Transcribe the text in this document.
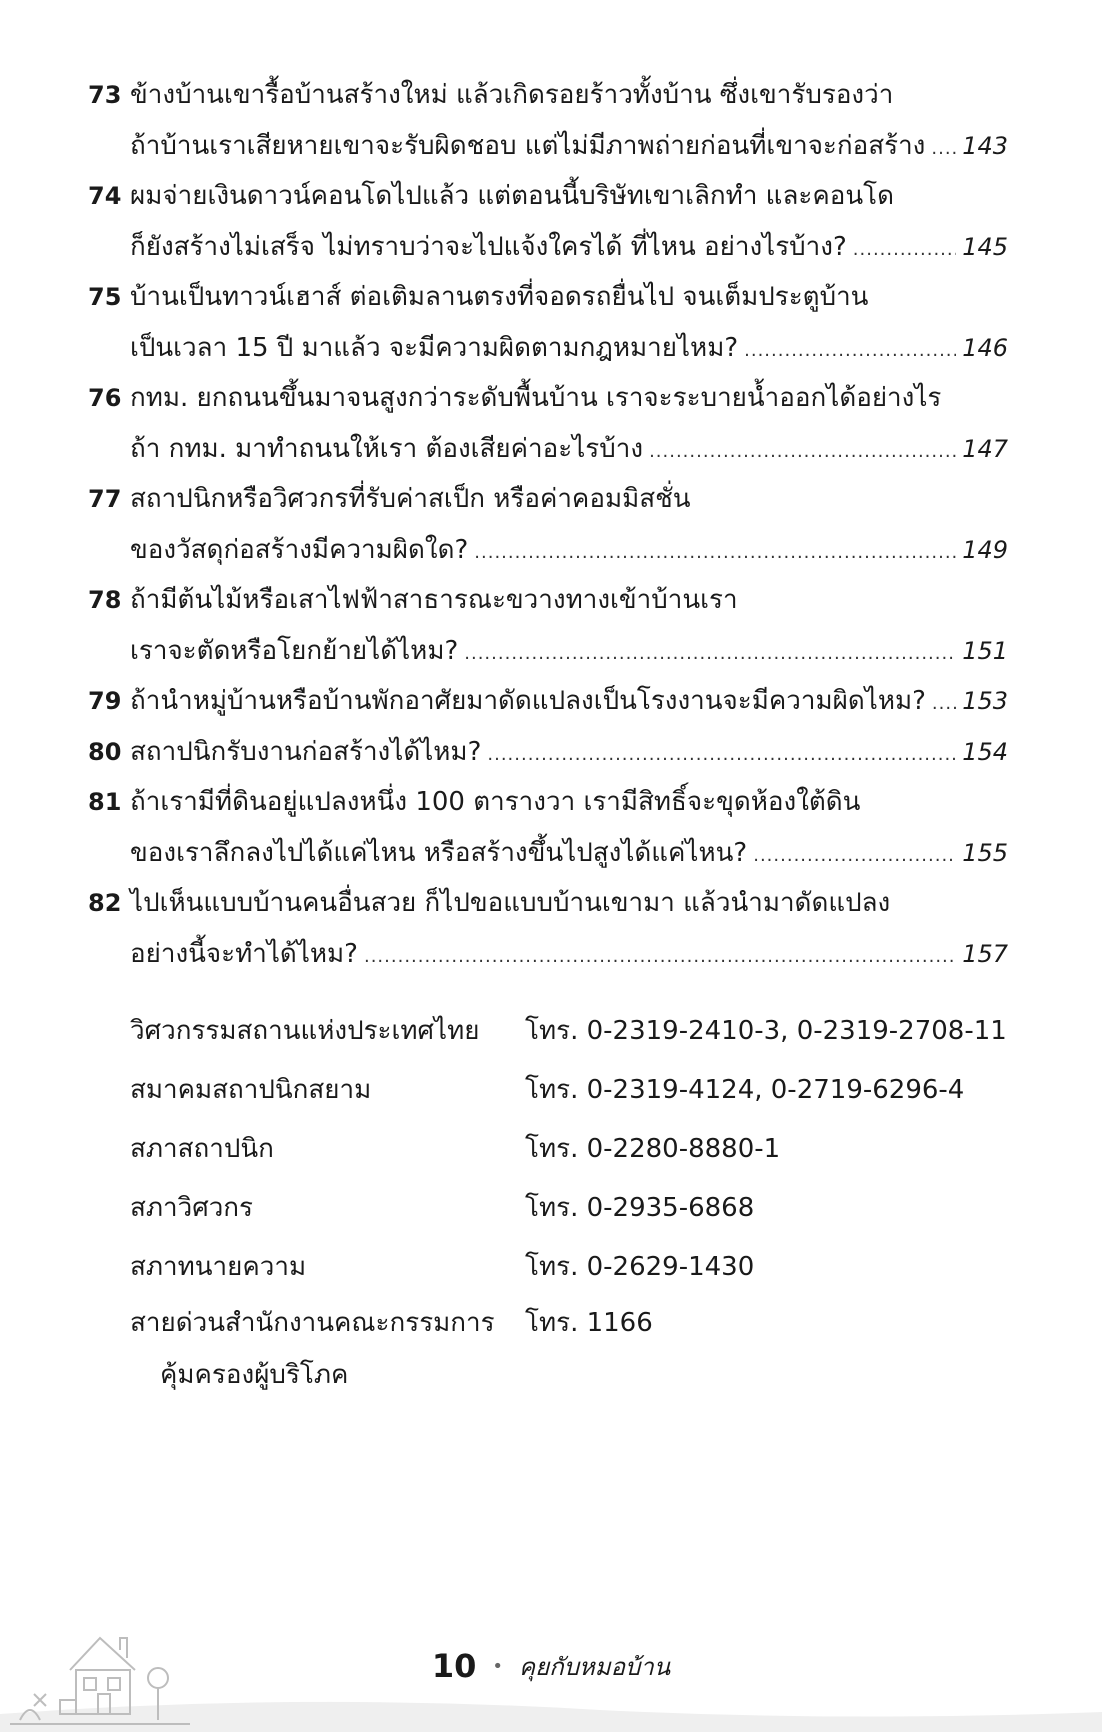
73 ข้างบ้านเขารื้อบ้านสร้างใหม่ แล้วเกิดรอยร้าวทั้งบ้าน ซึ่งเขารับรองว่า
ถ้าบ้านเราเสียหายเขาจะรับผิดชอบ แต่ไม่มีภาพถ่ายก่อนที่เขาจะก่อสร้าง ..... 143
74 ผมจ่ายเงินดาวน์คอนโดไปแล้ว แต่ตอนนี้บริษัทเขาเลิกทำ และคอนโด
ก็ยังสร้างไม่เสร็จ ไม่ทราบว่าจะไปแจ้งใครได้ ที่ไหน อย่างไรบ้าง? .....	145
75 บ้านเป็นทาวน์เฮาส์ ต่อเติมลานตรงที่จอดรถยื่นไป จนเต็มประตูบ้าน
เป็นเวลา 15 ปี มาแล้ว จะมีความผิดตามกฎหมายไหม? .....	146
76 กทม. ยกถนนขึ้นมาจนสูงกว่าระดับพื้นบ้าน เราจะระบายน้ำออกได้อย่างไร
ถ้า กทม. มาทำถนนให้เรา ต้องเสียค่าอะไรบ้าง .....	147
77 สถาปนิกหรือวิศวกรที่รับค่าสเป็ก หรือค่าคอมมิสชั่น
ของวัสดุก่อสร้างมีความผิดใด? .....	149
78 ถ้ามีต้นไม้หรือเสาไฟฟ้าสาธารณะขวางทางเข้าบ้านเรา
เราจะตัดหรือโยกย้ายได้ไหม? .....	151
79 ถ้านำหมู่บ้านหรือบ้านพักอาศัยมาดัดแปลงเป็นโรงงานจะมีความผิดไหม? ..... 153
80 สถาปนิกรับงานก่อสร้างได้ไหม? .....	154
81 ถ้าเรามีที่ดินอยู่แปลงหนึ่ง 100 ตารางวา เรามีสิทธิ์จะขุดห้องใต้ดิน
ของเราลึกลงไปได้แค่ไหน หรือสร้างขึ้นไปสูงได้แค่ไหน? .....	155
82 ไปเห็นแบบบ้านคนอื่นสวย ก็ไปขอแบบบ้านเขามา แล้วนำมาดัดแปลง
อย่างนี้จะทำได้ไหม? .....	157
วิศวกรรมสถานแห่งประเทศไทย	โทร. 0-2319-2410-3, 0-2319-2708-11
สมาคมสถาปนิกสยาม	โทร. 0-2319-4124, 0-2719-6296-4
สภาสถาปนิก	โทร. 0-2280-8880-1
สภาวิศวกร	โทร. 0-2935-6868
สภาทนายความ	โทร. 0-2629-1430
สายด่วนสำนักงานคณะกรรมการ
คุ้มครองผู้บริโภค
โทร. 1166
10 • คุยกับหมอบ้าน
